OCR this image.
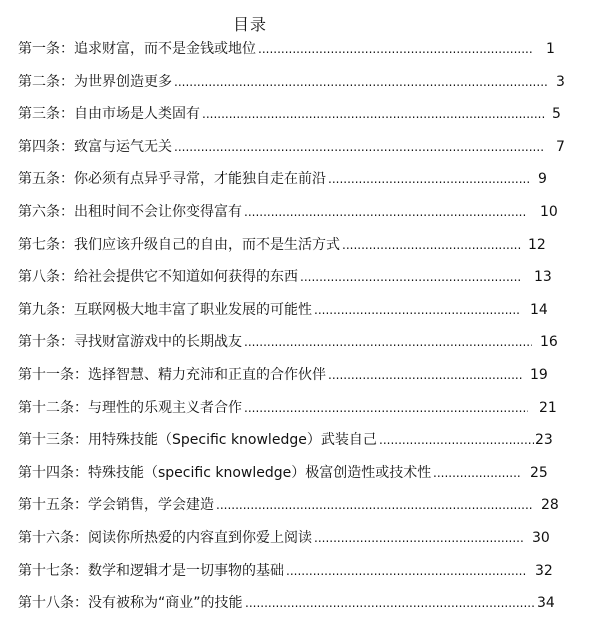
目录
第一条：追求财富，而不是金钱或地位 .....	1
第二条：为世界创造更多 .....	3
第三条：自由市场是人类固有 .....	5
第四条：致富与运气无关 .....	7
第五条：你必须有点异乎寻常，才能独自走在前沿 .....	9
第六条：出租时间不会让你变得富有 .....	10
第七条：我们应该升级自己的自由，而不是生活方式 .....	12
第八条：给社会提供它不知道如何获得的东西 .....	13
第九条：互联网极大地丰富了职业发展的可能性 .....	14
第十条：寻找财富游戏中的长期战友 .....	16
第十一条：选择智慧、精力充沛和正直的合作伙伴 .....	19
第十二条：与理性的乐观主义者合作 .....	21
第十三条：用特殊技能（Specific knowledge）武装自己 .....	23
第十四条：特殊技能（specific knowledge）极富创造性或技术性 .....	25
第十五条：学会销售，学会建造 .....	28
第十六条：阅读你所热爱的内容直到你爱上阅读 .....	30
第十七条：数学和逻辑才是一切事物的基础 .....	32
第十八条：没有被称为“商业”的技能 .....	34
